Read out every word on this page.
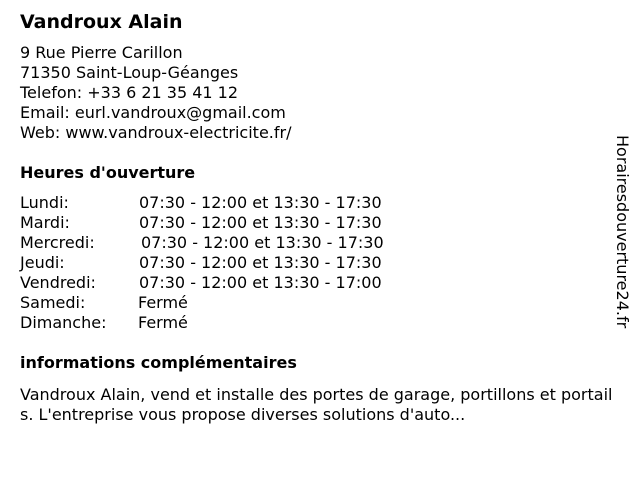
Vandroux Alain
9 Rue Pierre Carillon
71350 Saint-Loup-Géanges
Telefon: +33 6 21 35 41 12
Email: eurl.vandroux@gmail.com
Web: www.vandroux-electricite.fr/
Heures d'ouverture
Lundi:	07:30 - 12:00 et 13:30 - 17:30
Mardi:	07:30 - 12:00 et 13:30 - 17:30
Mercredi:	07:30 - 12:00 et 13:30 - 17:30
Jeudi:	07:30 - 12:00 et 13:30 - 17:30
Vendredi:	07:30 - 12:00 et 13:30 - 17:00
Samedi:	Fermé
Dimanche: Fermé
informations complémentaires
Vandroux Alain, vend et installe des portes de garage, portillons et portails. L'entreprise vous propose diverses solutions d'auto...
Horairesdouverture24.fr
